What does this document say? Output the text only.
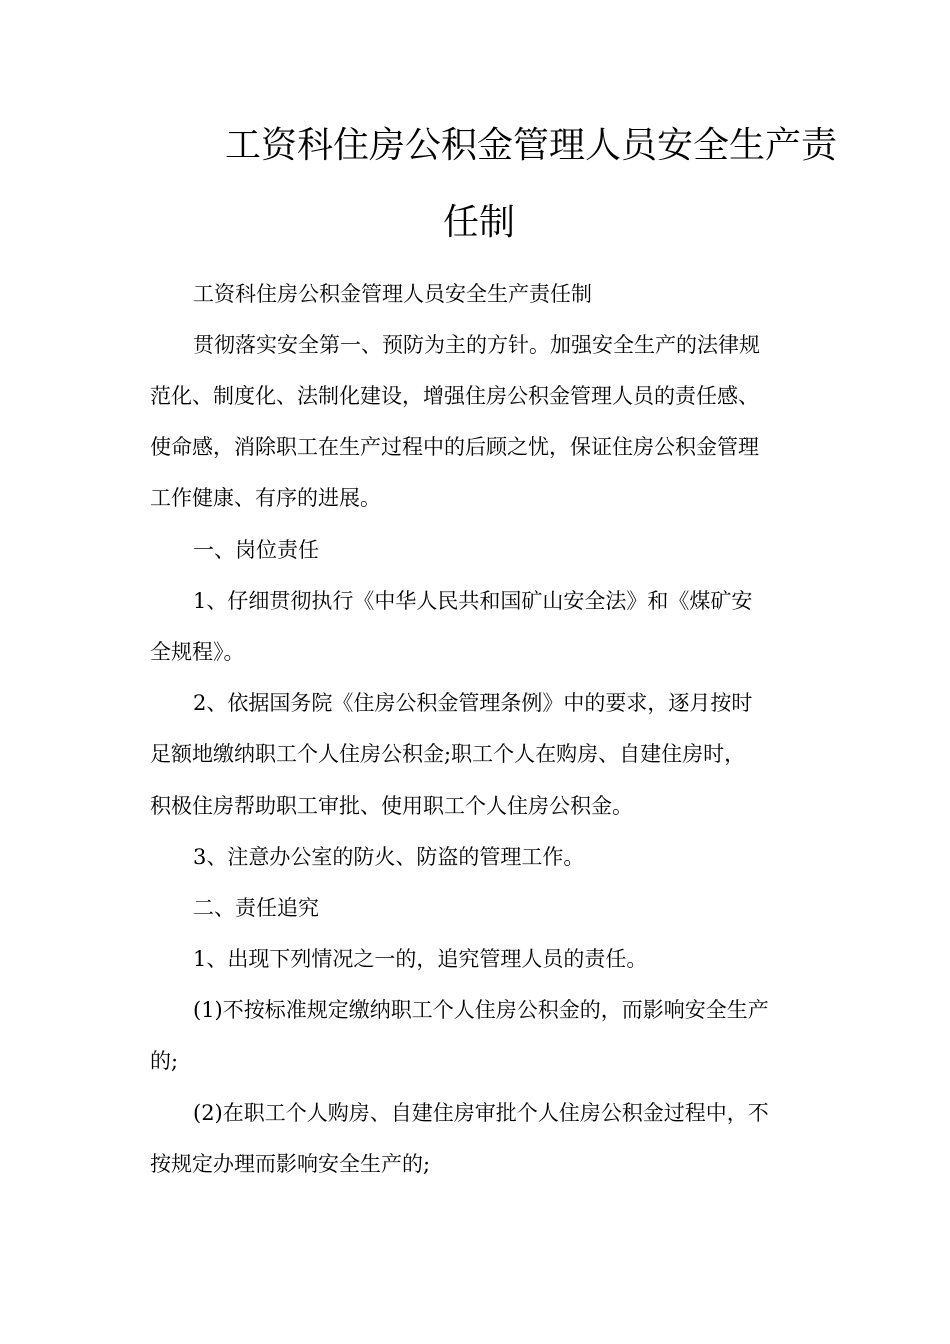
工资科住房公积金管理人员安全生产责
任制
工资科住房公积金管理人员安全生产责任制
贯彻落实安全第一、预防为主的方针。加强安全生产的法律规
范化、制度化、法制化建设，增强住房公积金管理人员的责任感、
使命感，消除职工在生产过程中的后顾之忧，保证住房公积金管理
工作健康、有序的进展。
一、岗位责任
1、仔细贯彻执行《中华人民共和国矿山安全法》和《煤矿安
全规程》。
2、依据国务院《住房公积金管理条例》中的要求，逐月按时
足额地缴纳职工个人住房公积金;职工个人在购房、自建住房时，
积极住房帮助职工审批、使用职工个人住房公积金。
3、注意办公室的防火、防盗的管理工作。
二、责任追究
1、出现下列情况之一的，追究管理人员的责任。
(1)不按标准规定缴纳职工个人住房公积金的，而影响安全生产
的;
(2)在职工个人购房、自建住房审批个人住房公积金过程中，不
按规定办理而影响安全生产的;
